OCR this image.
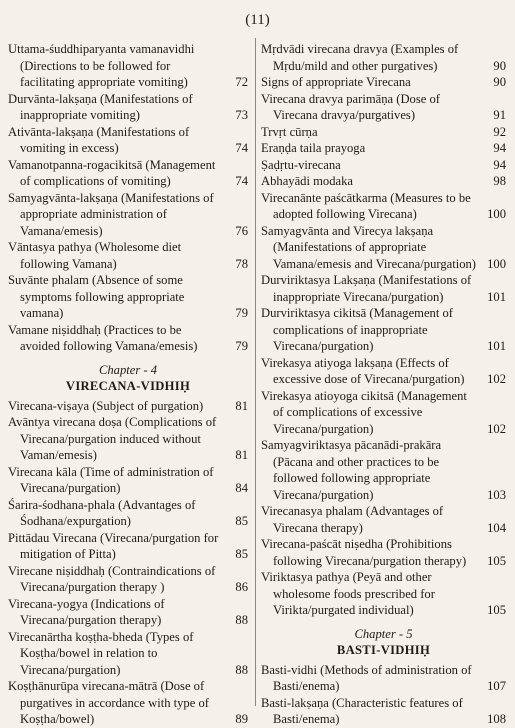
(11)
Uttama-śuddhiparyanta vamanavidhi (Directions to be followed for facilitating appropriate vomiting)	72
Durvānta-lakṣaṇa (Manifestations of inappropriate vomiting)	73
Ativānta-lakṣaṇa (Manifestations of vomiting in excess)	74
Vamanotpanna-rogacikitsā (Management of complications of vomiting)	74
Samyagvānta-lakṣaṇa (Manifestations of appropriate administration of Vamana/emesis)	76
Vāntasya pathya (Wholesome diet following Vamana)	78
Suvānte phalam (Absence of some symptoms following appropriate vamana)	79
Vamane niṣiddhaḥ (Practices to be avoided following Vamana/emesis)	79
Chapter - 4
VIRECANA-VIDHIḤ
Virecana-viṣaya (Subject of purgation)	81
Avāntya virecana doṣa (Complications of Virecana/purgation induced without Vaman/emesis)	81
Virecana kāla (Time of administration of Virecana/purgation)	84
Śarira-śodhana-phala (Advantages of Śodhana/expurgation)	85
Pittādau Virecana (Virecana/purgation for mitigation of Pitta)	85
Virecane niṣiddhaḥ (Contraindications of Virecana/purgation therapy )	86
Virecana-yogya (Indications of Virecana/purgation therapy)	88
Virecanārtha koṣṭha-bheda (Types of Koṣṭha/bowel in relation to Virecana/purgation)	88
Koṣṭhānurūpa virecana-mātrā (Dose of purgatives in accordance with type of Koṣṭha/bowel)	89
Mṛdvādi virecana dravya (Examples of Mṛdu/mild and other purgatives)	90
Signs of appropriate Virecana	90
Virecana dravya parimāṇa (Dose of Virecana dravya/purgatives)	91
Trvṛt cūrṇa	92
Eraṇḍa taila prayoga	94
Ṣaḍṛtu-virecana	94
Abhayādi modaka	98
Virecanānte paścātkarma (Measures to be adopted following Virecana)	100
Samyagvānta and Virecya lakṣaṇa (Manifestations of appropriate Vamana/emesis and Virecana/purgation) 100
Durviriktasya Lakṣaṇa (Manifestations of inappropriate Virecana/purgation)	101
Durviriktasya cikitsā (Management of complications of inappropriate Virecana/purgation)	101
Virekasya atiyoga lakṣaṇa (Effects of excessive dose of Virecana/purgation)	102
Virekasya atioyoga cikitsā (Management of complications of excessive Virecana/purgation)	102
Samyagviriktasya pācanādi-prakāra (Pācana and other practices to be followed following appropriate Virecana/purgation)	103
Virecanasya phalam (Advantages of Virecana therapy)	104
Virecana-paścāt niṣedha (Prohibitions following Virecana/purgation therapy)	105
Viriktasya pathya (Peyā and other wholesome foods prescribed for Virikta/purgated individual)	105
Chapter - 5
BASTI-VIDHIḤ
Basti-vidhi (Methods of administration of Basti/enema)	107
Basti-lakṣaṇa (Characteristic features of Basti/enema)	108
